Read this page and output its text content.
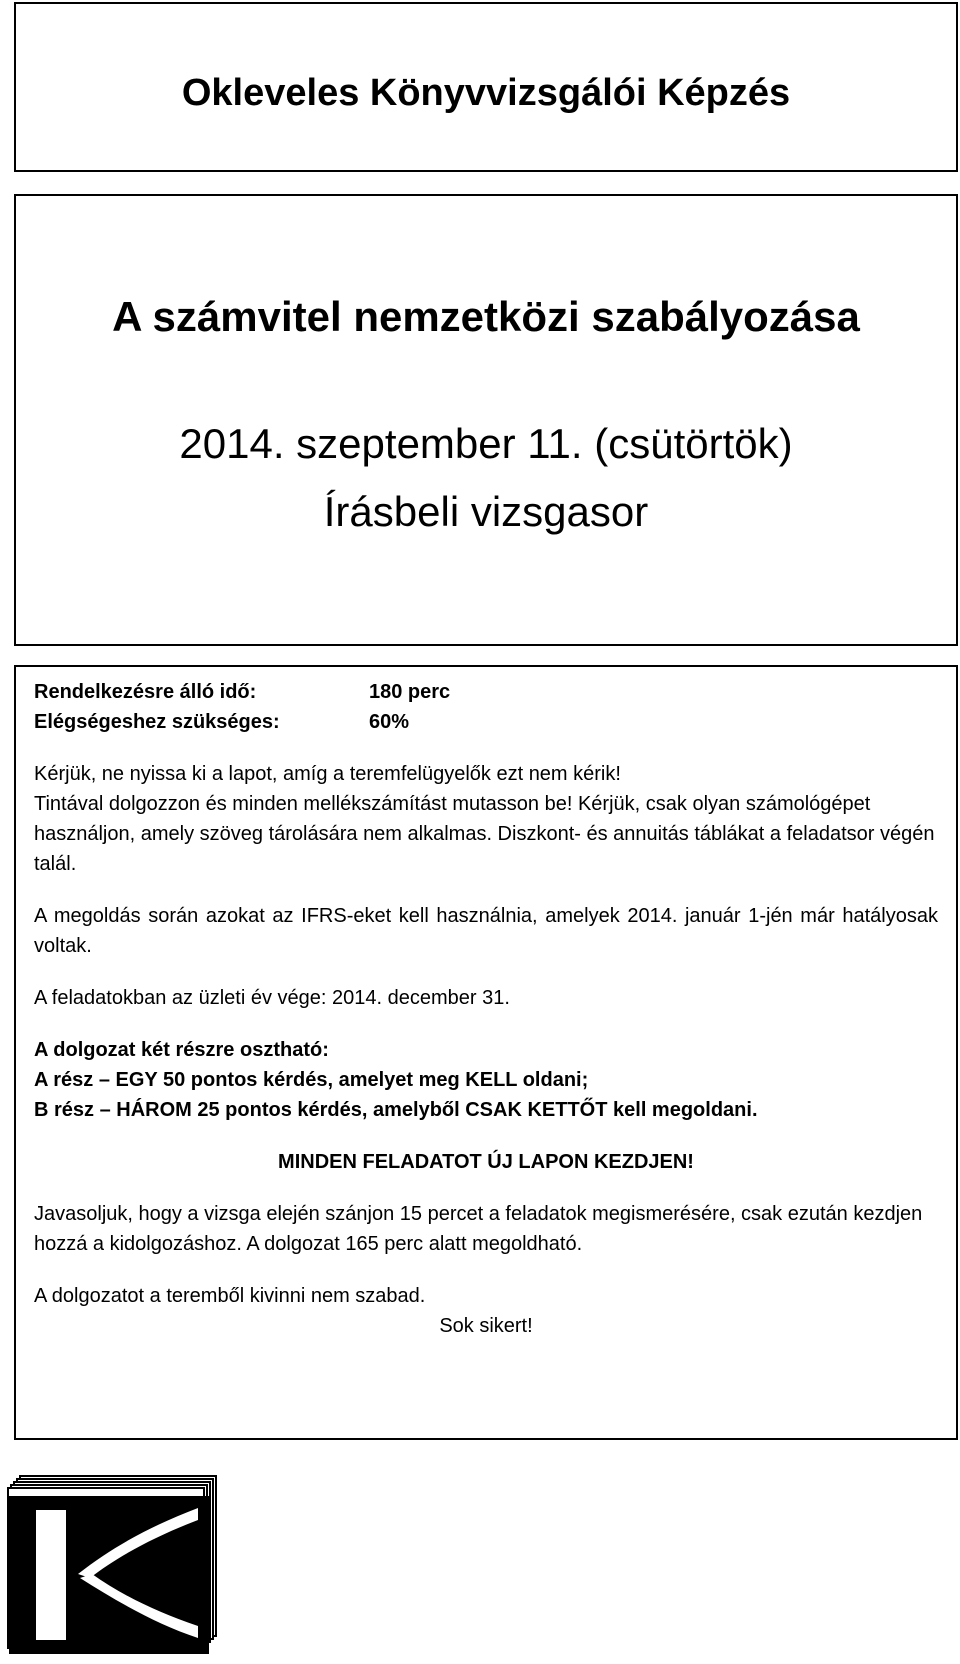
Okleveles Könyvvizsgálói Képzés
A számvitel nemzetközi szabályozása
2014. szeptember 11. (csütörtök)
Írásbeli vizsgasor
Rendelkezésre álló idő:	180 perc
Elégségeshez szükséges:	60%

Kérjük, ne nyissa ki a lapot, amíg a teremfelügyelők ezt nem kérik!

Tintával dolgozzon és minden mellékszámítást mutasson be! Kérjük, csak olyan számológépet használjon, amely szöveg tárolására nem alkalmas. Diszkont- és annuitás táblákat a feladatsor végén talál.

A megoldás során azokat az IFRS-eket kell használnia, amelyek 2014. január 1-jén már hatályosak voltak.

A feladatokban az üzleti év vége: 2014. december 31.

A dolgozat két részre osztható:

A rész – EGY 50 pontos kérdés, amelyet meg KELL oldani;

B rész – HÁROM 25 pontos kérdés, amelyből CSAK KETTŐT kell megoldani.

MINDEN FELADATOT ÚJ LAPON KEZDJEN!

Javasoljuk, hogy a vizsga elején szánjon 15 percet a feladatok megismerésére, csak ezután kezdjen hozzá a kidolgozáshoz. A dolgozat 165 perc alatt megoldható.

A dolgozatot a teremből kivinni nem szabad.

Sok sikert!
